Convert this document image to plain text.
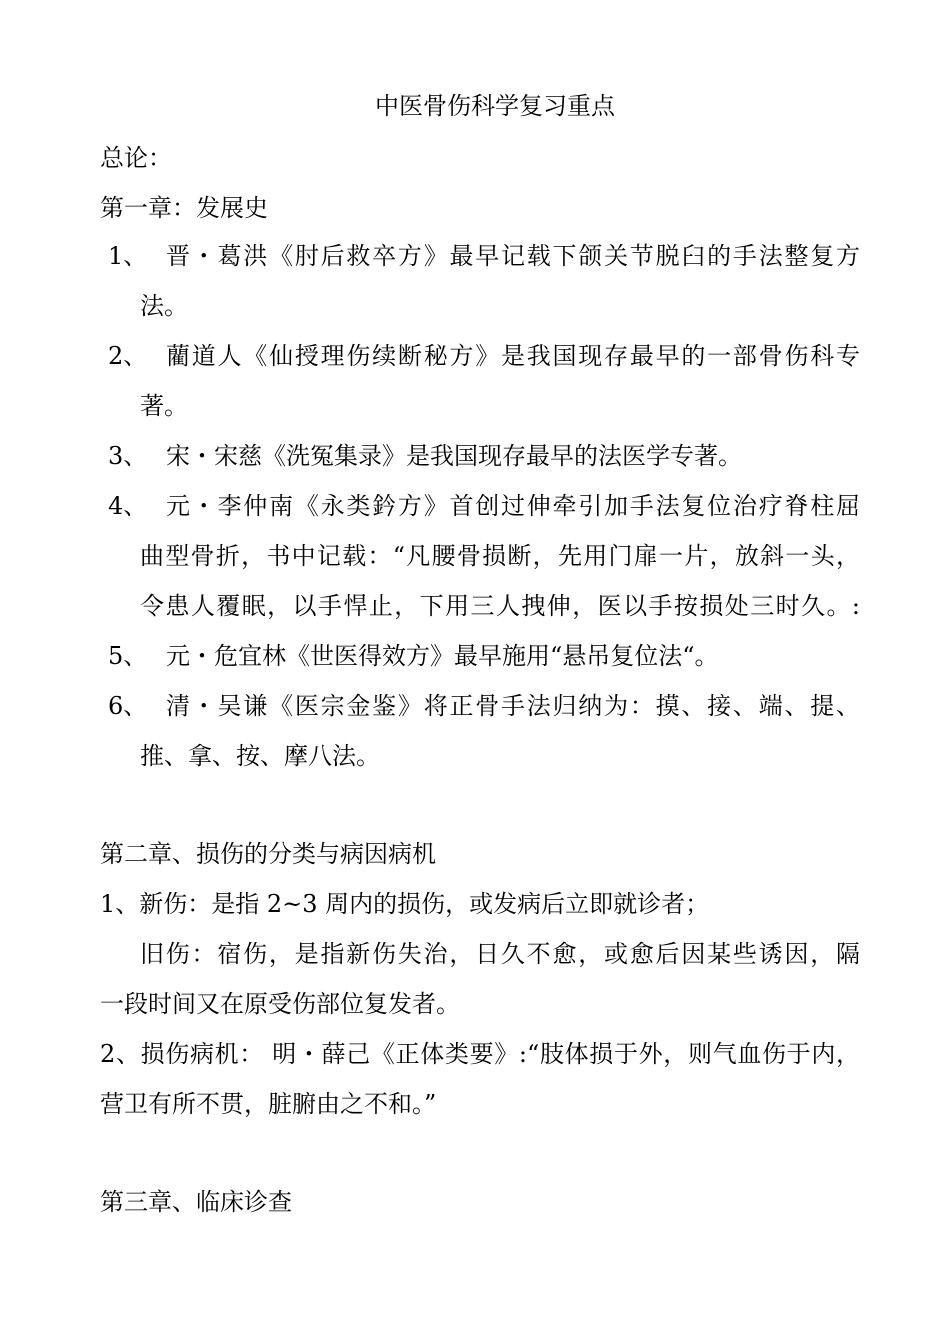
中医骨伤科学复习重点
总论：
第一章：发展史
1、 晋・葛洪《肘后救卒方》最早记载下颌关节脱臼的手法整复方
法。
2、 藺道人《仙授理伤续断秘方》是我国现存最早的一部骨伤科专
著。
3、 宋・宋慈《洗冤集录》是我国现存最早的法医学专著。
4、 元・李仲南《永类鈐方》首创过伸牵引加手法复位治疗脊柱屈
曲型骨折，书中记载：“凡腰骨损断，先用门扉一片，放斜一头，
令患人覆眠，以手悍止，下用三人拽伸，医以手按损处三时久。:
5、 元・危宜林《世医得效方》最早施用“悬吊复位法“。
6、 清・吴谦《医宗金鉴》将正骨手法归纳为：摸、接、端、提、
推、拿、按、摩八法。
第二章、损伤的分类与病因病机
1、新伤：是指 2~3 周内的损伤，或发病后立即就诊者；
旧伤：宿伤，是指新伤失治，日久不愈，或愈后因某些诱因，隔
一段时间又在原受伤部位复发者。
2、损伤病机： 明・薛己《正体类要》:“肢体损于外，则气血伤于内，
营卫有所不贯，脏腑由之不和。”
第三章、临床诊查
